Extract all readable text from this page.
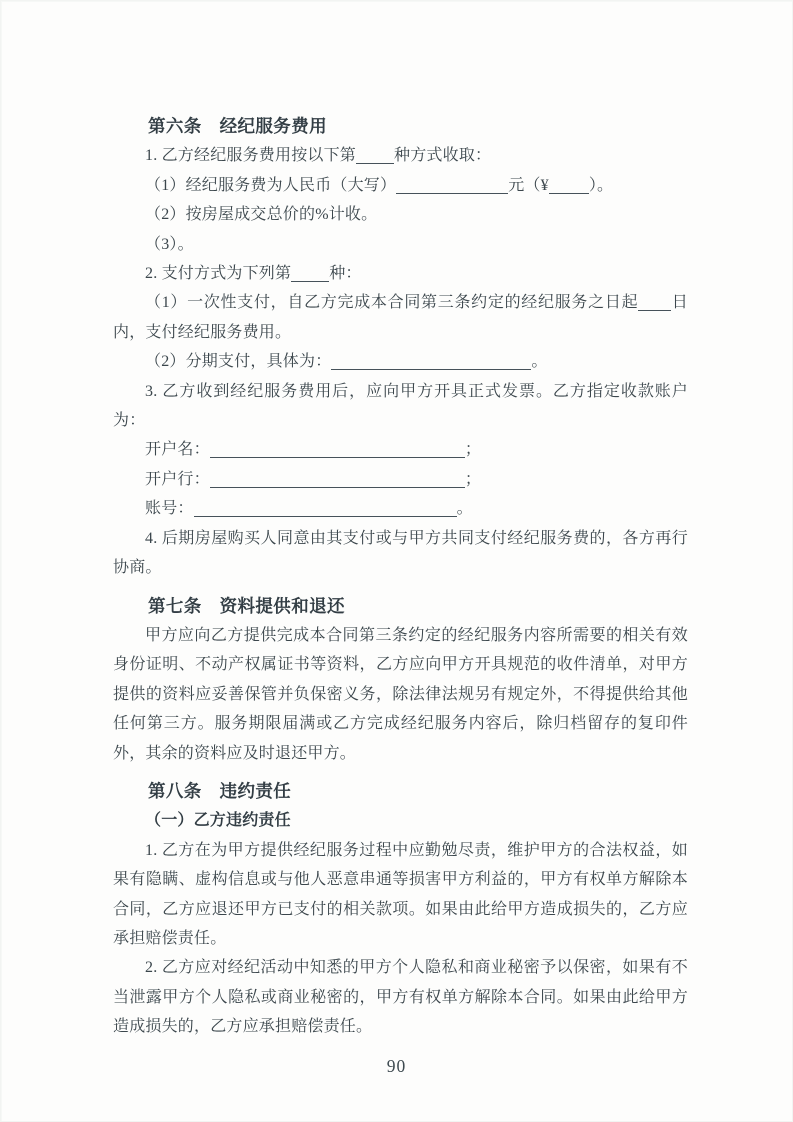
第六条　经纪服务费用

1. 乙方经纪服务费用按以下第 种方式收取：

（1）经纪服务费为人民币（大写）	元（¥	）。

（2）按房屋成交总价的%计收。

（3）。

2. 支付方式为下列第 种：

（1）一次性支付，自乙方完成本合同第三条约定的经纪服务之日起 日内，支付经纪服务费用。

（2）分期支付，具体为：	。

3. 乙方收到经纪服务费用后，应向甲方开具正式发票。乙方指定收款账户为：

开户名：	；

开户行：	；

账号：	。

4. 后期房屋购买人同意由其支付或与甲方共同支付经纪服务费的，各方再行协商。

第七条　资料提供和退还

甲方应向乙方提供完成本合同第三条约定的经纪服务内容所需要的相关有效身份证明、不动产权属证书等资料，乙方应向甲方开具规范的收件清单，对甲方提供的资料应妥善保管并负保密义务，除法律法规另有规定外，不得提供给其他任何第三方。服务期限届满或乙方完成经纪服务内容后，除归档留存的复印件外，其余的资料应及时退还甲方。

第八条　违约责任
（一）乙方违约责任

1. 乙方在为甲方提供经纪服务过程中应勤勉尽责，维护甲方的合法权益，如果有隐瞒、虚构信息或与他人恶意串通等损害甲方利益的，甲方有权单方解除本合同，乙方应退还甲方已支付的相关款项。如果由此给甲方造成损失的，乙方应承担赔偿责任。

2. 乙方应对经纪活动中知悉的甲方个人隐私和商业秘密予以保密，如果有不当泄露甲方个人隐私或商业秘密的，甲方有权单方解除本合同。如果由此给甲方造成损失的，乙方应承担赔偿责任。

90
